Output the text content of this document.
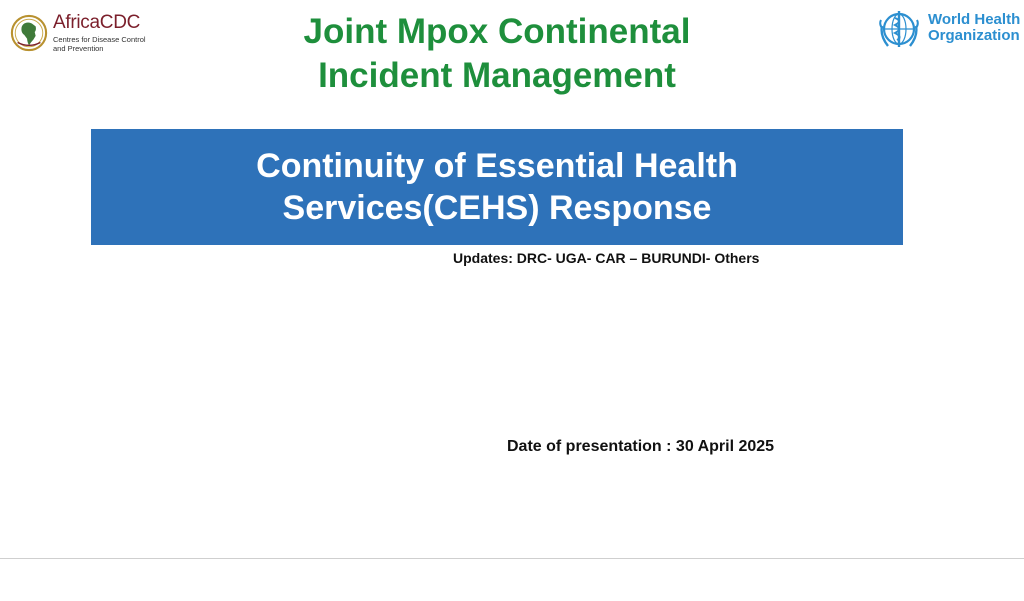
AfricaCDC
Centres for Disease Control
and Prevention	Joint Mpox Continental
Incident Management
World Health
Organization
Continuity of Essential Health
Services(CEHS) Response
Updates: DRC- UGA- CAR – BURUNDI- Others
Date of presentation : 30 April 2025
